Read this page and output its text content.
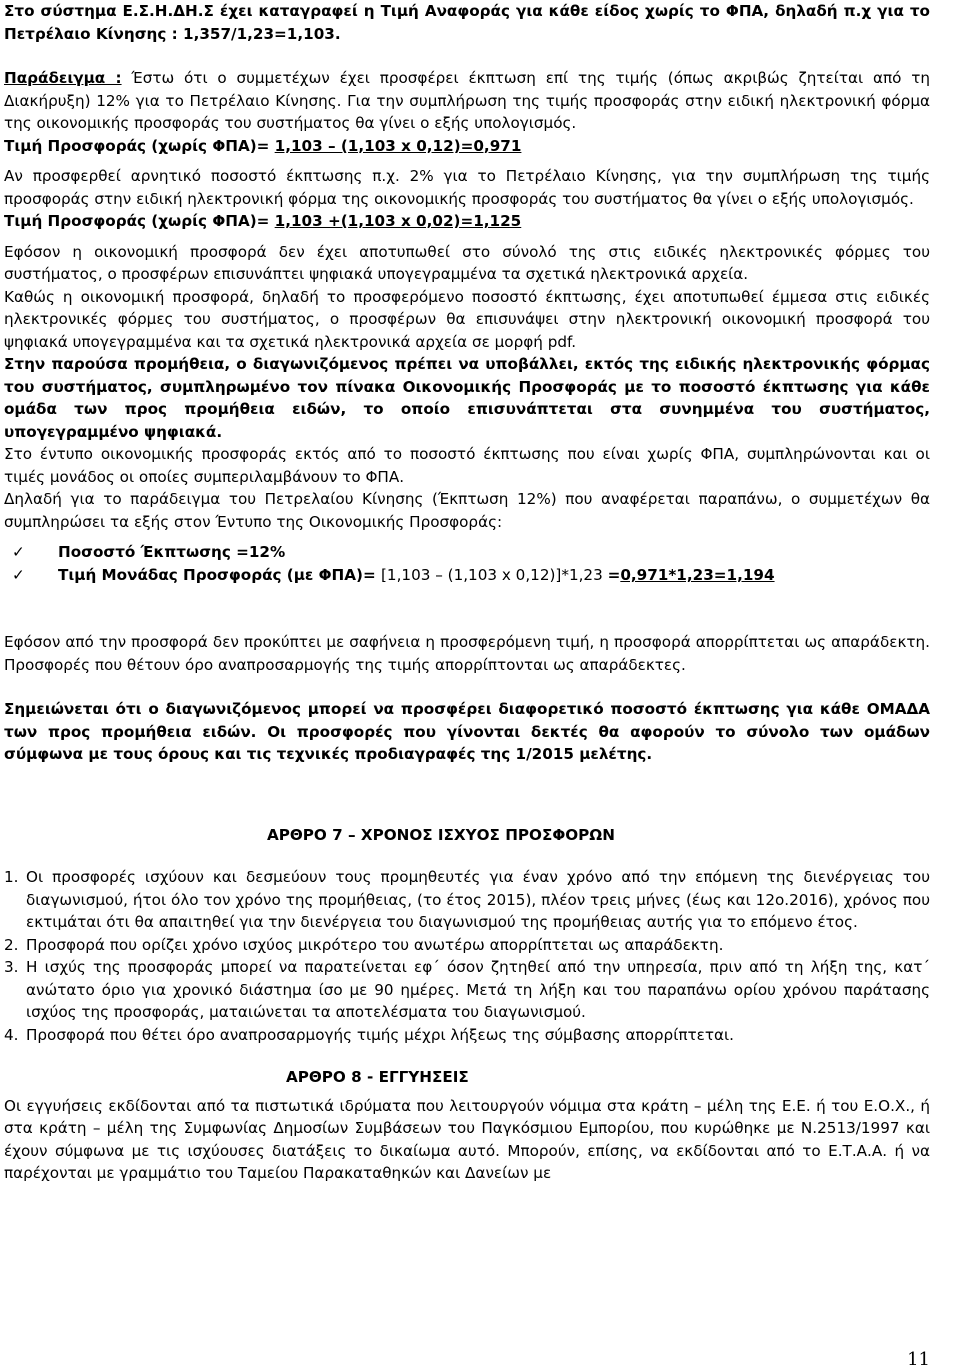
Στο σύστημα Ε.Σ.Η.ΔΗ.Σ έχει καταγραφεί η Τιμή Αναφοράς για κάθε είδος χωρίς το ΦΠΑ, δηλαδή π.χ για το Πετρέλαιο Κίνησης : 1,357/1,23=1,103.

Παράδειγμα : Έστω ότι ο συμμετέχων έχει προσφέρει έκπτωση επί της τιμής (όπως ακριβώς ζητείται από τη Διακήρυξη) 12% για το Πετρέλαιο Κίνησης. Για την συμπλήρωση της τιμής προσφοράς στην ειδική ηλεκτρονική φόρμα της οικονομικής προσφοράς του συστήματος θα γίνει ο εξής υπολογισμός.

Τιμή Προσφοράς (χωρίς ΦΠΑ)= 1,103 – (1,103 x 0,12)=0,971

Αν προσφερθεί αρνητικό ποσοστό έκπτωσης π.χ. 2% για το Πετρέλαιο Κίνησης, για την συμπλήρωση της τιμής προσφοράς στην ειδική ηλεκτρονική φόρμα της οικονομικής προσφοράς του συστήματος θα γίνει ο εξής υπολογισμός.

Τιμή Προσφοράς (χωρίς ΦΠΑ)= 1,103 +(1,103 x 0,02)=1,125

Εφόσον η οικονομική προσφορά δεν έχει αποτυπωθεί στο σύνολό της στις ειδικές ηλεκτρονικές φόρμες του συστήματος, ο προσφέρων επισυνάπτει ψηφιακά υπογεγραμμένα τα σχετικά ηλεκτρονικά αρχεία.

Καθώς η οικονομική προσφορά, δηλαδή το προσφερόμενο ποσοστό έκπτωσης, έχει αποτυπωθεί έμμεσα στις ειδικές ηλεκτρονικές φόρμες του συστήματος, ο προσφέρων θα επισυνάψει στην ηλεκτρονική οικονομική προσφορά του ψηφιακά υπογεγραμμένα και τα σχετικά ηλεκτρονικά αρχεία σε μορφή pdf.

Στην παρούσα προμήθεια, ο διαγωνιζόμενος πρέπει να υποβάλλει, εκτός της ειδικής ηλεκτρονικής φόρμας του συστήματος, συμπληρωμένο τον πίνακα Οικονομικής Προσφοράς με το ποσοστό έκπτωσης για κάθε ομάδα των προς προμήθεια ειδών, το οποίο επισυνάπτεται στα συνημμένα του συστήματος, υπογεγραμμένο ψηφιακά.

Στο έντυπο οικονομικής προσφοράς εκτός από το ποσοστό έκπτωσης που είναι χωρίς ΦΠΑ, συμπληρώνονται και οι τιμές μονάδος οι οποίες συμπεριλαμβάνουν το ΦΠΑ.

Δηλαδή για το παράδειγμα του Πετρελαίου Κίνησης (Έκπτωση 12%) που αναφέρεται παραπάνω, ο συμμετέχων θα συμπληρώσει τα εξής στον Έντυπο της Οικονομικής Προσφοράς:

✓	Ποσοστό Έκπτωσης =12%
✓	Τιμή Μονάδας Προσφοράς (με ΦΠΑ)= [1,103 – (1,103 x 0,12)]*1,23 =0,971*1,23=1,194

Εφόσον από την προσφορά δεν προκύπτει με σαφήνεια η προσφερόμενη τιμή, η προσφορά απορρίπτεται ως απαράδεκτη. Προσφορές που θέτουν όρο αναπροσαρμογής της τιμής απορρίπτονται ως απαράδεκτες.

Σημειώνεται ότι ο διαγωνιζόμενος μπορεί να προσφέρει διαφορετικό ποσοστό έκπτωσης για κάθε ΟΜΑΔΑ των προς προμήθεια ειδών. Οι προσφορές που γίνονται δεκτές θα αφορούν το σύνολο των ομάδων σύμφωνα με τους όρους και τις τεχνικές προδιαγραφές της 1/2015 μελέτης.

ΑΡΘΡΟ 7 – ΧΡΟΝΟΣ ΙΣΧΥΟΣ ΠΡΟΣΦΟΡΩΝ

1. Οι προσφορές ισχύουν και δεσμεύουν τους προμηθευτές για έναν χρόνο από την επόμενη της διενέργειας του διαγωνισμού, ήτοι όλο τον χρόνο της προμήθειας, (το έτος 2015), πλέον τρεις μήνες (έως και 12ο.2016), χρόνος που εκτιμάται ότι θα απαιτηθεί για την διενέργεια του διαγωνισμού της προμήθειας αυτής για το επόμενο έτος.
2. Προσφορά που ορίζει χρόνο ισχύος μικρότερο του ανωτέρω απορρίπτεται ως απαράδεκτη.
3. Η ισχύς της προσφοράς μπορεί να παρατείνεται εφ΄ όσον ζητηθεί από την υπηρεσία, πριν από τη λήξη της, κατ΄ ανώτατο όριο για χρονικό διάστημα ίσο με 90 ημέρες. Μετά τη λήξη και του παραπάνω ορίου χρόνου παράτασης ισχύος της προσφοράς, ματαιώνεται τα αποτελέσματα του διαγωνισμού.
4. Προσφορά που θέτει όρο αναπροσαρμογής τιμής μέχρι λήξεως της σύμβασης απορρίπτεται.

ΑΡΘΡΟ 8 - ΕΓΓΥΗΣΕΙΣ

Οι εγγυήσεις εκδίδονται από τα πιστωτικά ιδρύματα που λειτουργούν νόμιμα στα κράτη – μέλη της Ε.Ε. ή του Ε.Ο.Χ., ή στα κράτη – μέλη της Συμφωνίας Δημοσίων Συμβάσεων του Παγκόσμιου Εμπορίου, που κυρώθηκε με Ν.2513/1997 και έχουν σύμφωνα με τις ισχύουσες διατάξεις το δικαίωμα αυτό. Μπορούν, επίσης, να εκδίδονται από το Ε.Τ.Α.Α. ή να παρέχονται με γραμμάτιο του Ταμείου Παρακαταθηκών και Δανείων με

11
